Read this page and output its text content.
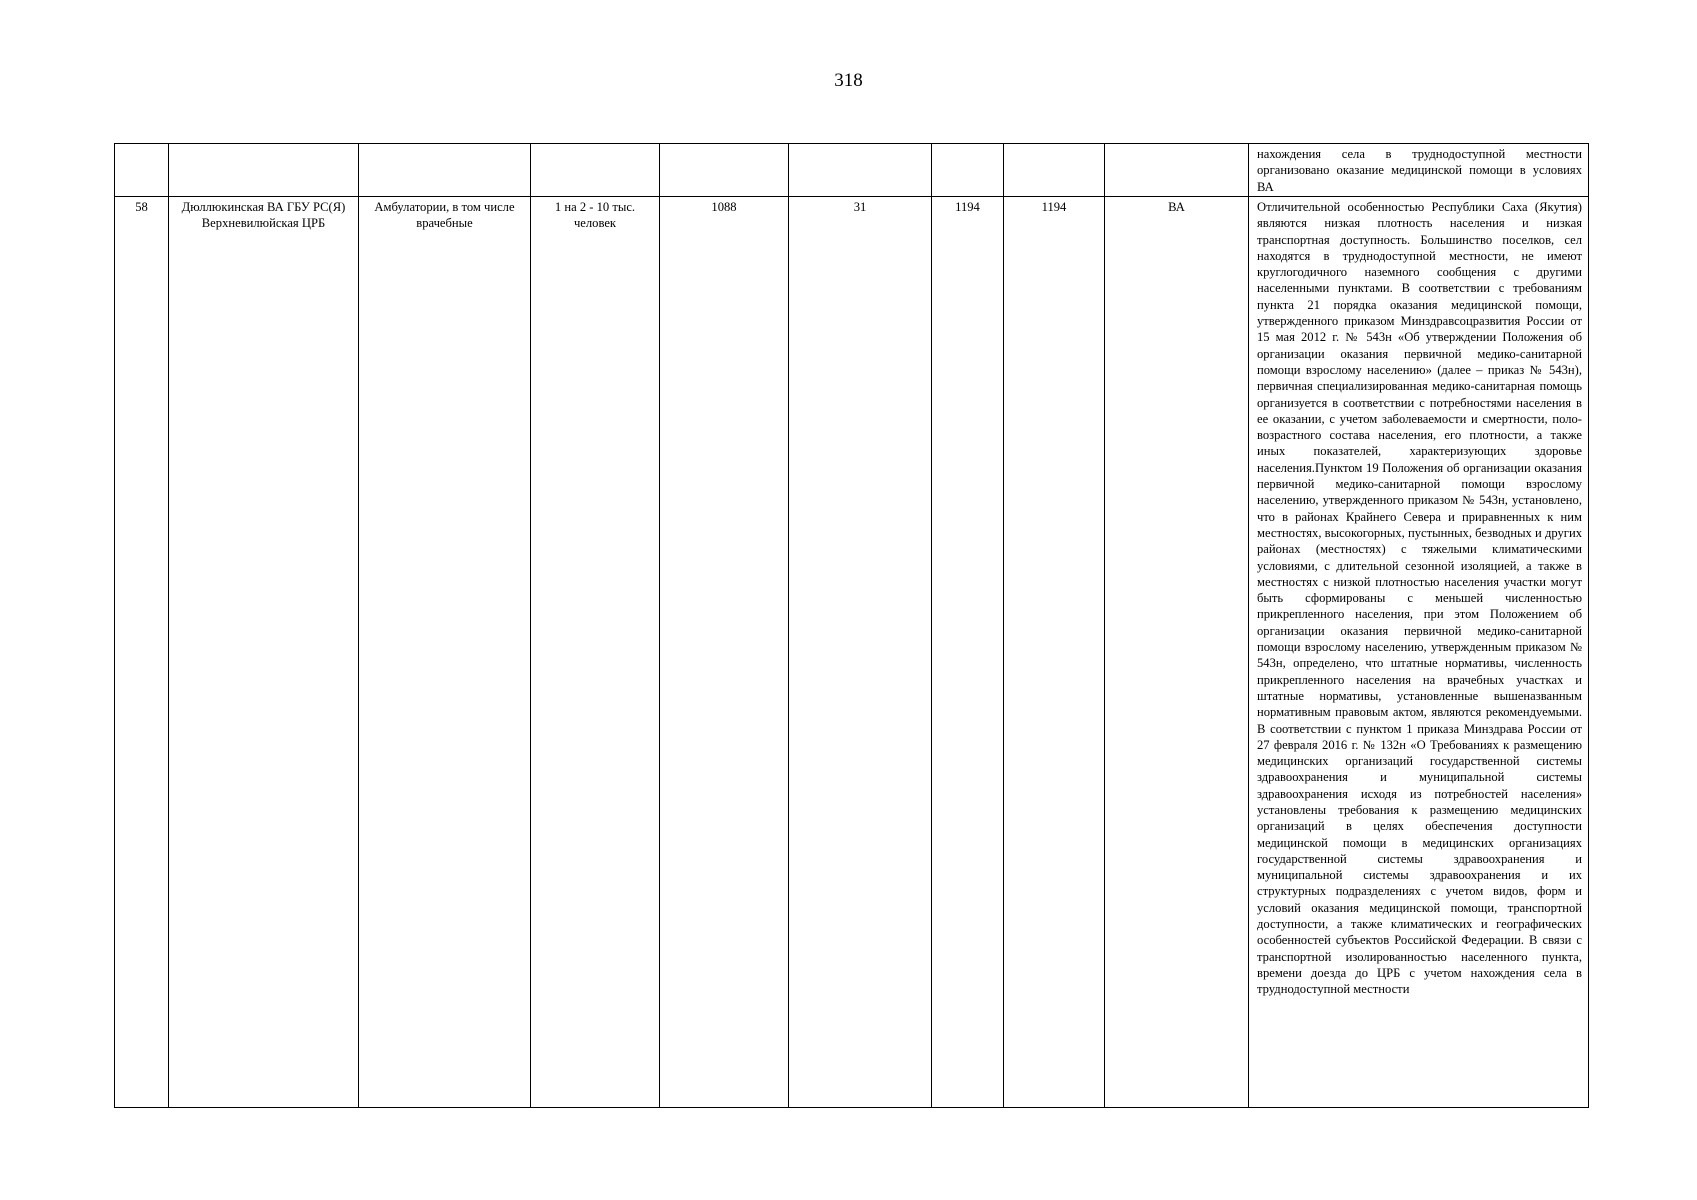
318
									нахождения села в труднодоступной местности организовано оказание медицинской помощи в условиях ВА
58	Дюллюкинская ВА ГБУ РС(Я) Верхневилюйская ЦРБ	Амбулатории, в том числе врачебные	1 на 2 - 10 тыс. человек	1088	31	1194	1194	ВА	Отличительной особенностью Республики Саха (Якутия) являются низкая плотность населения и низкая транспортная доступность. Большинство поселков, сел находятся в труднодоступной местности, не имеют круглогодичного наземного сообщения с другими населенными пунктами. В соответствии с требованиям пункта 21 порядка оказания медицинской помощи, утвержденного приказом Минздравсоцразвития России от 15 мая 2012 г. № 543н «Об утверждении Положения об организации оказания первичной медико-санитарной помощи взрослому населению» (далее – приказ № 543н), первичная специализированная медико-санитарная помощь организуется в соответствии с потребностями населения в ее оказании, с учетом заболеваемости и смертности, поло-возрастного состава населения, его плотности, а также иных показателей, характеризующих здоровье населения.Пунктом 19 Положения об организации оказания первичной медико-санитарной помощи взрослому населению, утвержденного приказом № 543н, установлено, что в районах Крайнего Севера и приравненных к ним местностях, высокогорных, пустынных, безводных и других районах (местностях) с тяжелыми климатическими условиями, с длительной сезонной изоляцией, а также в местностях с низкой плотностью населения участки могут быть сформированы с меньшей численностью прикрепленного населения, при этом Положением об организации оказания первичной медико-санитарной помощи взрослому населению, утвержденным приказом № 543н, определено, что штатные нормативы, численность прикрепленного населения на врачебных участках и штатные нормативы, установленные вышеназванным нормативным правовым актом, являются рекомендуемыми. В соответствии с пунктом 1 приказа Минздрава России от 27 февраля 2016 г. № 132н «О Требованиях к размещению медицинских организаций государственной системы здравоохранения и муниципальной системы здравоохранения исходя из потребностей населения» установлены требования к размещению медицинских организаций в целях обеспечения доступности медицинской помощи в медицинских организациях государственной системы здравоохранения и муниципальной системы здравоохранения и их структурных подразделениях с учетом видов, форм и условий оказания медицинской помощи, транспортной доступности, а также климатических и географических особенностей субъектов Российской Федерации. В связи с транспортной изолированностью населенного пункта, времени доезда до ЦРБ с учетом нахождения села в труднодоступной местности
